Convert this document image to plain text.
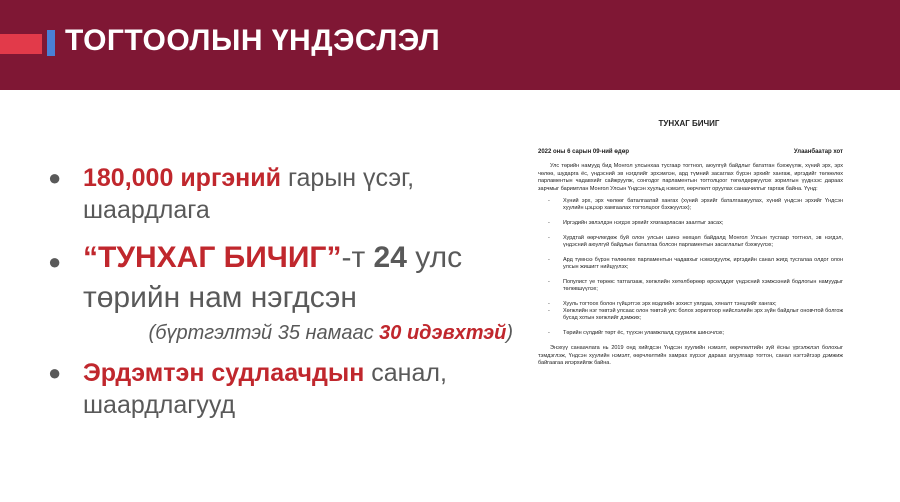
ТОГТООЛЫН ҮНДЭСЛЭЛ
● 180,000 иргэний гарын үсэг, шаардлага
● “ТУНХАГ БИЧИГ”-т 24 улс төрийн нам нэгдсэн
(бүртгэлтэй 35 намаас 30 идэвхтэй)
● Эрдэмтэн судлаачдын санал, шаардлагууд
ТУНХАГ БИЧИГ
2022 оны 6 сарын 09-ний өдөр	Улаанбаатар хот
Улс төрийн намууд бид Монгол улсынхаа тусгаар тогтнол, аюулгүй байдлыг бататган бэхжүүлж, хүний эрх, эрх чөлөө, шударга ёс, үндэсний эв нэгдлийг эрхэмлэн, ард түмний засаглах бүрэн эрхийг хангаж, иргэдийг төлөөлөх парламентын чадавхийг сайжруулж, сонгодог парламентын тогтолцоог төгөлдөржүүлэх зорилгын үүднээс дараах зарчмыг баримтлан Монгол Улсын Үндсэн хуульд нэмэлт, өөрчлөлт оруулах санаачилгыг гаргаж байна. Үүнд:
- Хүний эрх, эрх чөлөөг баталгаатай хангах (хүний эрхийг баталгаажуулах, хүний үндсэн эрхийг Үндсэн хуулийн цэцээр хамгаалах тогтолцоог бэхжүүлэх);
- Иргэдийн эвлэлдэн нэгдэх эрхийг хязгаарласан заалтыг засах;
- Хурдтай өөрчлөгдөж буй олон улсын шинэ нөхцөл байдалд Монгол Улсын тусгаар тогтнол, эв нэгдэл, үндэсний аюулгүй байдлын баталгаа болсон парламентын засаглалыг бэхжүүлэх;
- Ард түмнээ бүрэн төлөөлөх парламентын чадавхыг нэмэгдүүлж, иргэдийн санал жигд тусгалаа олдог олон улсын жишигт нийцүүлэх;
- Популист үе төрөөс татгалзаж, хөгжлийн хөтөлбөрөөр өрсөлддөг үндэсний хэмжээний бодлогын намуудыг төлөвшүүлэх;
- Хууль тогтоох болон гүйцэтгэх эрх мэдлийн зохист уялдаа, хяналт тэнцлийг хангах;
- Хөгжлийн нэг төвтэй улсаас олон төвтэй улс болох зорилгоор нийслэлийн эрх зүйн байдлыг оновчтой болгож бусад хотын хөгжлийг дэмжих;
- Төрийн сүлдийг төрт ёс, түүхэн уламжлалд суурилж шинэчлэх;
Энэхүү санаачлага нь 2019 онд хийгдсэн Үндсэн хуулийн нэмэлт, өөрчлөлтийн зүй ёсны үргэлжлэл болохыг тэмдэглэж, Үндсэн хуулийн нэмэлт, өөрчлөлтийн хамрах хүрээг дараах агуулгаар тогтон, санал нэгтэйгээр дэмжиж байгаагаа илэрхийлж байна.
